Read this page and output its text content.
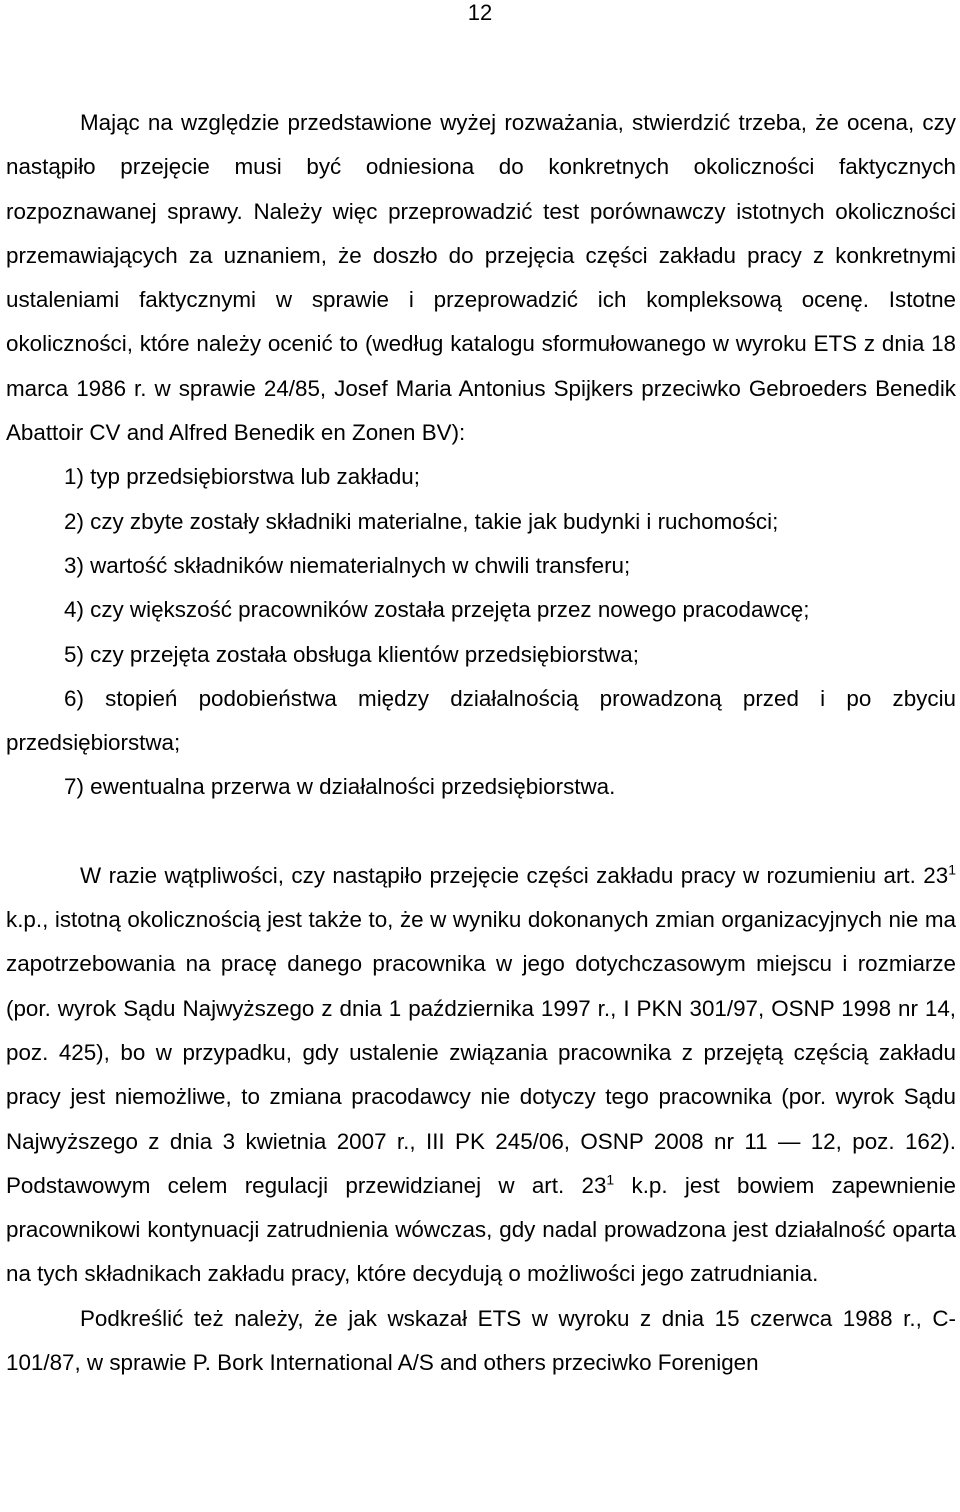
12

Mając na względzie przedstawione wyżej rozważania, stwierdzić trzeba, że ocena, czy nastąpiło przejęcie musi być odniesiona do konkretnych okoliczności faktycznych rozpoznawanej sprawy. Należy więc przeprowadzić test porównawczy istotnych okoliczności przemawiających za uznaniem, że doszło do przejęcia części zakładu pracy z konkretnymi ustaleniami faktycznymi w sprawie i przeprowadzić ich kompleksową ocenę. Istotne okoliczności, które należy ocenić to (według katalogu sformułowanego w wyroku ETS z dnia 18 marca 1986 r. w sprawie 24/85, Josef Maria Antonius Spijkers przeciwko Gebroeders Benedik Abattoir CV and Alfred Benedik en Zonen BV):

1) typ przedsiębiorstwa lub zakładu;

2) czy zbyte zostały składniki materialne, takie jak budynki i ruchomości;

3) wartość składników niematerialnych w chwili transferu;

4) czy większość pracowników została przejęta przez nowego pracodawcę;

5) czy przejęta została obsługa klientów przedsiębiorstwa;

6) stopień podobieństwa między działalnością prowadzoną przed i po zbyciu przedsiębiorstwa;

7) ewentualna przerwa w działalności przedsiębiorstwa.

W razie wątpliwości, czy nastąpiło przejęcie części zakładu pracy w rozumieniu art. $23^1$ k.p., istotną okolicznością jest także to, że w wyniku dokonanych zmian organizacyjnych nie ma zapotrzebowania na pracę danego pracownika w jego dotychczasowym miejscu i rozmiarze (por. wyrok Sądu Najwyższego z dnia 1 października 1997 r., I PKN 301/97, OSNP 1998 nr 14, poz. 425), bo w przypadku, gdy ustalenie związania pracownika z przejętą częścią zakładu pracy jest niemożliwe, to zmiana pracodawcy nie dotyczy tego pracownika (por. wyrok Sądu Najwyższego z dnia 3 kwietnia 2007 r., III PK 245/06, OSNP 2008 nr 11 — 12, poz. 162). Podstawowym celem regulacji przewidzianej w art. $23^1$ k.p. jest bowiem zapewnienie pracownikowi kontynuacji zatrudnienia wówczas, gdy nadal prowadzona jest działalność oparta na tych składnikach zakładu pracy, które decydują o możliwości jego zatrudniania.

Podkreślić też należy, że jak wskazał ETS w wyroku z dnia 15 czerwca 1988 r., C-101/87, w sprawie P. Bork International A/S and others przeciwko Forenigen
